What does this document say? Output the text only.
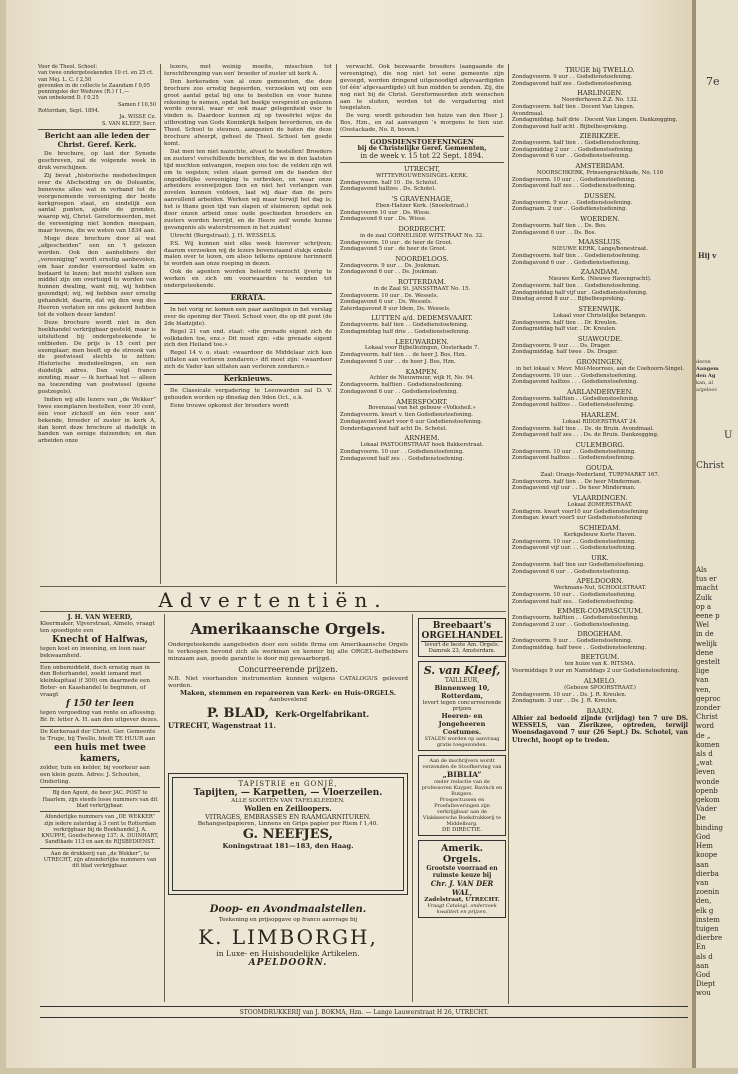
7e
Hij v
deron
Aangem
den Ag
kan, al
a/gelooc
U
Christ
Als
tus er
macht
Zulk
op a
eene p
Wel
in de
welijk
dene
gestelt
lige
van
ven,
geproc
zonder
Christ
word
de „
komen
als d
„wat
leven
wonde
openb
gekom
Vader
De
binding
God
Hem
koope
aan
dierba
van
zoenin
den,
elk g
instem
tuigen
dierbre
En
als d
aan
God
Diept
wou
Voor de Theol. School:
van twee ondergeteekenden 10 ct. en 25 ct.
van Mej. L. C. f 2,50
gevonden in de collecte te Zaandam f 0,05
penningske der Weduwe (R.) f 1,—
van onbekend D. f 0,25
Samen f 10,50
Rotterdam, Sept. 1894.
Ja. WISSE Cz.
S. VAN KLEEF, Secr.
Bericht aan alle leden der Christ. Geref. Kerk.

De brochure, op last der Synode geschreven, zal de volgende week in druk verschijnen.

Zij bevat „historische mededeelingen over de Afscheiding en de Doleantie, benevens alles wat in verband tot de voorgenomende vereeniging der beide kerkgroepen staat, en eindelijk een aantal punten, ajuide de gronden, waarop wij, Christ. Gereformeerden, met de vereeniging niet konden meegaan, maar tevens, die we weten van 1834 aan.

Moge deze brochure door al wat „afgescheiden” een en 't gelezen worden. Ook den aanhebbers der „vereeniging” wordt ernstig aanbevolen, om haar zonder vooroordeel kalm en bedaard te lezen; het mocht zulken een middel zijn om overtuigd te worden van hunnen dwaling, want mij, wij hebben gezondigd; wij, wij hebben zeer ernstig gehandeld, daarin, dat wij den weg des Heeren verlaten en ons gekeerd hebben tot de volken deser landen!

Deze brochure wordt niet in den boekhandel verkrijgbaar gesteld, maar is uitsluitend bij ondergeteekende te ontbieden. De prijs is 15 cent per exemplaar; men heeft op de stroook van de postwissel slechts te zetten: Historische mededeelingen, en een duidelijk adres. Dan volgt franco zending, maar — ik herhaal het — alleen na toezending van postwissel (geene postzegels).

Indien wij alle lezers van „de Wekker” twee exemplaren bestellen, voor 30 cent, één voor zichzelf en één voor een' bekende, broeder of zuster in kerk A, dan komt deze brochure al dadelijk in handen van eenige duizenden; en dan arbeiden onze

lezers, met weinig moeite, misschien tot terechtbrenging van een' broeder of zuster uit kerk A.

Den kerkeraden van al onze gemeenten, die deze brochure zoo ernstig begeerden, verzoeken wij om een groot aantal getal bij ons te bestellen en voor hunne rekening te nemen, opdat het boekje verspreid en gelezen worde overal, waar er ook maar gelegenheid voor te vinden is. Daardoor kunnen zij op tweeërlei wijze de uitbreiding van Gods Koninkrijk helpen bevorderen, en de Theol. School te steunen, aangezien de baten die deze brochure afwerpt, geheel de Theol. School ten goede komt.

Dat men ten niet nazuchte, alvast te bestellen! Broeders en zusters! verschillende berichten, die we in den laatsten tijd mochten ontvangen, roepen ons toe: de velden zijn wit om te oogsten; velen staan gereed om de banden der ongoddelijke vereeniging te verbreken, en waar onze arbeiders evenwijzigen tien en niet het verlangen van zovelen kunnen voldoen, laat wij daar dan de pers aanvullend arbeiden. Werken wij maar terwijl het dag is; het is thans geen tijd van slapen of sluimeren; opdat ook door onzen arbeid onze oude geschieden broeders en zusters worden bevrijd, en de Heere zelf wonde hunne gevangenis als waterstroomen in het zuiden!

Utrecht (Burgstraat). J. H. WESSELS.

P.S. Wij kunnen niet elke week hierover schrijven; daarom verzoeken wij de lezers bovenstaand stukje enkele malen over te lezen, om alsoo telkens opnieuw herinnerd te worden aan onze roeping in dezen.

Ook de agenten worden beleefd verzocht ijverig te werken en zich om voorwaarden te wenden tot ondergeteekende.

ERRATA.

In het vorig nr. komen een paar aanlingen in het verslag over de opening der Theol. School voor, die op dit punt (de 2de bladzijde).

Regel 21 van ond. staat: «die grenade eigent zich de volkdaden toe, enz.» Dit moet zijn: «die grenade eigent zich den Heiland toe.»

Regel 14 v. o. staat: «waardoor de Middelaar zich kan uitlaten aan verloren zondaren;» dit moet zijn: «waardoor zich de Vader kan uitlaten aan verloren zondaren.»

Kerknieuws.

De Classicale vergadering te Leeuwarden zal D. V. gehouden worden op dinsdag den 9den Oct., e.k.

Eene trouwe opkomst der broeders wordt

verwacht. Ook bezwaarde broeders (aangaande de vereeniging), die nog niet tot eene gemeente zijn gevoegd, worden dringend uitgenoodigd afgevaardigden (of één' afgevaardigde) uit hun midden te zenden. Zij, die nog niet bij de Christ. Gereformeerden zich wenschen aan te sluiten, worden tot de vergadering niet toegelaten.

De verg. wordt gehouden ten huize van den Heer J. Bos, Hzn., en zal aanvangen 's morgens te tien uur. (Oostackade, No. 8, boven.)

GODSDIENSTOEFENINGEN
bij de Christelijke Geref. Gemeenten,
in de week v. 15 tot 22 Sept. 1894.
UTRECHT,
WITTEVROUWENSINGEL-KERK.
Zondagvoorm. half 10 . Ds. Schotel.
Zondagavond halfzes . Ds. Schotel.
'S GRAVENHAGE,
Eben-Haëzer Kerk. (Snoekstraat.)
Zondagvoorm 10 uur . Ds. Wisse.
Zondagavond 6 uur . Ds. Wisse.
DORDRECHT.
in de zaal CORNELISDE WITSTRAAT No. 32.
Zondagvoorm. 10 uur . de heer de Groot.
Zondagavond 5 uur . de heer de Groot.
NOORDELOOS.
Zondagvoorm. 9 uur . . Ds. Joukman.
Zondagavond 6 uur . . Ds. Joukman.
ROTTERDAM.
in de Zaal St. JANSSTRAAT No. 15.
Zondagvoorm. 10 uur . Ds. Wessels.
Zondagavond 6 uur . Ds. Wessels.
Zaterdagavond 8 uur Idem, Ds. Wessels.
LUTTEN a/d. DEDEMSVAART.
Zondagvoorm. half tien . . Godsdienstoefening.
Zondagmiddag half drie . . Godsdienstoefening.
LEEUWARDEN.
Lokaal voor Bijbellezingen, Oosterkade 7.
Zondagvoorm. half tien . . de heer J. Bos, Hzn.
Zondagavond 5 uur . . de heer J. Bos, Hzn.
KAMPEN.
Achter de Nieuwmuur, wijk H, No. 94.
Zondagvoorm. halftien . Godsdienstoefening.
Zondagavond 6 uur . . Godsdienstoefening.
AMERSFOORT.
Bovenzaal van het gebouw «Volksheil.»
Zondagvoorm. kwart v. tien Godsdienstoefening.
Zondagavond kwart voor 6 uur Godsdienstoefening.
Donderdagavond half acht Ds. Schotel.
ARNHEM.
Lokaal PASTOORSTRAAT hoek Bakkerstraat.
Zondagvoorm. 10 uur . . Godsdienstoefening.
Zondagavond half zes . . Godsdienstoefening.
TRUGE bij TWELLO.
Zondagvoorm. 9 uur . . Godsdienstoefening.
Zondagavond half zes . Godsdienstoefening.
HARLINGEN.
Noorderhaven Z.Z. No. 132.
Zondagvoorm. half tien . Docent Van Lingen.
Avondmaal.
Zondagmiddag. half drie . Docent Van Lingen. Dankzegging.
Zondagavond half acht . Bijbelbespreking.
ZIERIKZEE.
Zondagvoorm. half tien . . Godsdienstoefening.
Zondagmiddag 2 uur . . Godsdienstoefening.
Zondagavond 6 uur . . Godsdienstoefening.
AMSTERDAM.
NOORSCHKERK, Prinsengrachtkade, No. 116
Zondagvoorm. 10 uur . . Godsdienstoefening.
Zondagavond half zes . . Godsdienstoefening.
DUSSEN.
Zondagvoorm. 9 uur . . Godsdienstoefening.
Zondagnam. 2 uur . . Godsdienstoefening.
WOERDEN.
Zondagvoorm. half tien . . Ds. Bos.
Zondagavond 6 uur . . Ds. Bos.
MAASSLUIS.
NIEUWE KERK, Lange/bonestraat.
Zondagvoorm. half tien . . Godsdienstoefening.
Zondagavond 6 uur . . Godsdienstoefening.
ZAANDAM.
Nieuwe Kerk. (Nieuwe Havengracht).
Zondagvoorm. half tien . . Godsdienstoefening.
Zondagmiddag half vijf uur . Godsdienstoefening.
Dinsdag avond 8 uur . . Bijbelbespreking.
STEENWIJK.
Lokaal voor Christelijke belangen.
Zondagvoorm. half tien . . Dr. Kreulen.
Zondagmiddag half vier. . Dr. Kreulen.
SUAWOUDE.
Zondagvoorm. 9 uur . . . Ds. Drager.
Zondagmiddag. half twee . Ds. Drager.
GRONINGEN,
in het lokaal v. Mevr. Mol-Moorrees, aan de Coehoorn-Singel.
Zondagvoorm. 10 uur. . . Godsdienstoefening.
Zondagavond halfzes . . . Godsdienstoefening.
AARLANDERVEEN.
Zondagvoorm. halftien . . Godsdienstoefening.
Zondagavond halfzes . . Godsdienstoefening.
HAARLEM.
Lokaal RIDDERSTRAAT 24.
Zondagvoorm. half tien . . Ds. de Bruin. Avondmaal.
Zondagavond half zes . . . Ds. de Bruin. Dankzegging.
CULEMBORG.
Zondagvoorm. 10 uur . . Godsdienstoefening.
Zondagavond halfzes . . Godsdienstoefening.
GOUDA.
Zaal: Oranje-Nederland, TURFMARKT 167.
Zondagvoorm. half tien . . De heer Minderman.
Zondagavond vijf uur . . De heer Minderman.
VLAARDINGEN.
Lokaal ZOMERSTRAAT.
Zondagvm. kwart voor10 uur Godsdienstoefening
Zondagav. kwart voor5 uur Godsdienstoefening
SCHIEDAM.
Kerkgebouw Korte Haven.
Zondagvoorm. 10 uur . . Godsdienstoefening.
Zondagavond vijf uur. . . Godsdienstoefening.
URK.
Zondagvoorm. half tien uur Godsdienstoefening.
Zondagavond 6 uur . . Godsdienstoefening.
APELDOORN.
Werkmans-Nut, SCHOOLSTRAAT.
Zondagvoorm. 10 uur . . Godsdienstoefening.
Zondagavond half zes. . Godsdienstoefening.
EMMER-COMPASCUUM.
Zondagvoorm. halftien . . Godsdienstoefening.
Zondagavond 2 uur . . Godsdienstoefening.
DROGEHAM.
Zondagvoorm. 9 uur . . Godsdienstoefening.
Zondagmiddag. half twee . . Godsdienstoefening.
BEETGUM.
ten huize van K. RITSMA.
Voormiddags 9 uur en Namiddags 2 uur Godsdienstoefening.
ALMELO.
(Gebouw SPOORSTRAAT.)
Zondagvoorm. 10 uur . . Ds. J. R. Kreulen.
Zondagnam. 3 uur . . Ds. J. R. Kreulen.
BAARN.
Alhier zal bedoeld zijnde (vrijdag) ten 7 ure DS. WESSELS, van Zierikzee, optreden, terwijl Woensdagavond 7 uur (26 Sept.) Ds. Schotel, van Utrecht, hoopt op te treden.
Advertentiën.
J. H. VAN WEERD,
Kleermaker, Vijverstraat, Almelo, vraagt ten spoedigste een
Knecht of Halfwas,
tegen kost en inwoning, en loon naar bekwaamheid.
Een onbemiddeld, doch ernstig man in den Boterhandel, zoekt iemand met kleinkapitaal (f 300) om daarmede een Boter- en Kaashandel te beginnen, of vraagt
f 150 ter leen
tegen vergoeding van rente en aflossing. Br. fr. letter A. H. aan den uitgever dezes.
De Kerkeraad der Christ. Ger. Gemeente te Truge, bij Twello, biedt TE HUUR aan
een huis met twee kamers,
zolder, tuin en kelder, bij voorkeur aan een klein gezin. Adres: J. Schouten, Onderling.
Bij den Agent, de heer JAC. POST te Haarlem, zijn steeds losse nummers van dit blad verkrijgbaar.
Afonderlijke nummers van „DE WEKKER” zijn iedere zaterdag à 3 cent te Rotterdam verkrijgbaar bij de Boekhandel J. A. KNUPPE, Goudscheweg 137; A. DUINHART, Sandtkade 113 en aan de RIJSBEDIENST.
Aan de drukkerij van „de Wekker”, te UTRECHT, zijn afzonderlijke nummers van dit blad verkrijgbaar.
Amerikaansche Orgels.
Ondergeteekende aangeboden door een solide firma om Amerikaansche Orgels te verkoopen bevond zich als werkman en kenner bij alle ORGEL-liefhebbers minzaam aan, goede garantie is door mij gewaarborgd.
Concurreerende prijzen.
N.B. Niet voorhanden instrumenten kunnen volgens CATALOGUS geleverd worden.
Maken, stemmen en repareeren van Kerk- en Huis-ORGELS.
Aanbevelend
P. BLAD, Kerk-Orgelfabrikant.
UTRECHT, Wagenstraat 11.
TAPISTRIE en GONJÉ,
Tapijten, — Karpetten, — Vloerzeilen.
ALLE SOORTEN VAN TAFELKLEEDEN.
Wollen en Zeilloopers.
VITRAGES, EMBRASSES EN RAAMGARNITUREN.
Behangselpapieren, Linnens en Grips papier per Riem f 1,40.
G. NEEFJES,
Koningstraat 181—183, den Haag.
Doop- en Avondmaalstellen.
Teekening en prijsopgave op franco aanvrage bij
K. LIMBORGH,
in Luxe- en Huishoudelijke Artikelen.
APELDOORN.
Breebaart's
ORGELHANDEL
levert de beste Am. Orgels. Damrak 23, Amsterdam.
S. van Kleef,
TAILLEUR,
Binnenweg 10, Rotterdam,
levert tegen concurreerende prijzen
Heeren- en Jongeheeren Costumes.
STALEN worden op aanvraag gratis toegezonden.
Aan de inschrijvers wordt verzonden de Stoofkerving van
„BIBLIA”
onder redactie van de professoren Kuyper, Bavinck en Rutgers.
Prospectussen en Proefafleveringen zijn verkrijgbaar aan de Vlakkeersche Boekdrukkerij te Middelburg.
DE DIRECTIE.
Amerik. Orgels.
Grootste voorraad en ruimste keuze bij
Chr. J. VAN DER WAL,
Zadelstraat, UTRECHT.
Vraagt Catalogi, onderzoek kwaliteit en prijzen.
STOOMDRUKKERIJ van J. BOKMA, Hzn. — Lange Lauwerstraat H 26, UTRECHT.
